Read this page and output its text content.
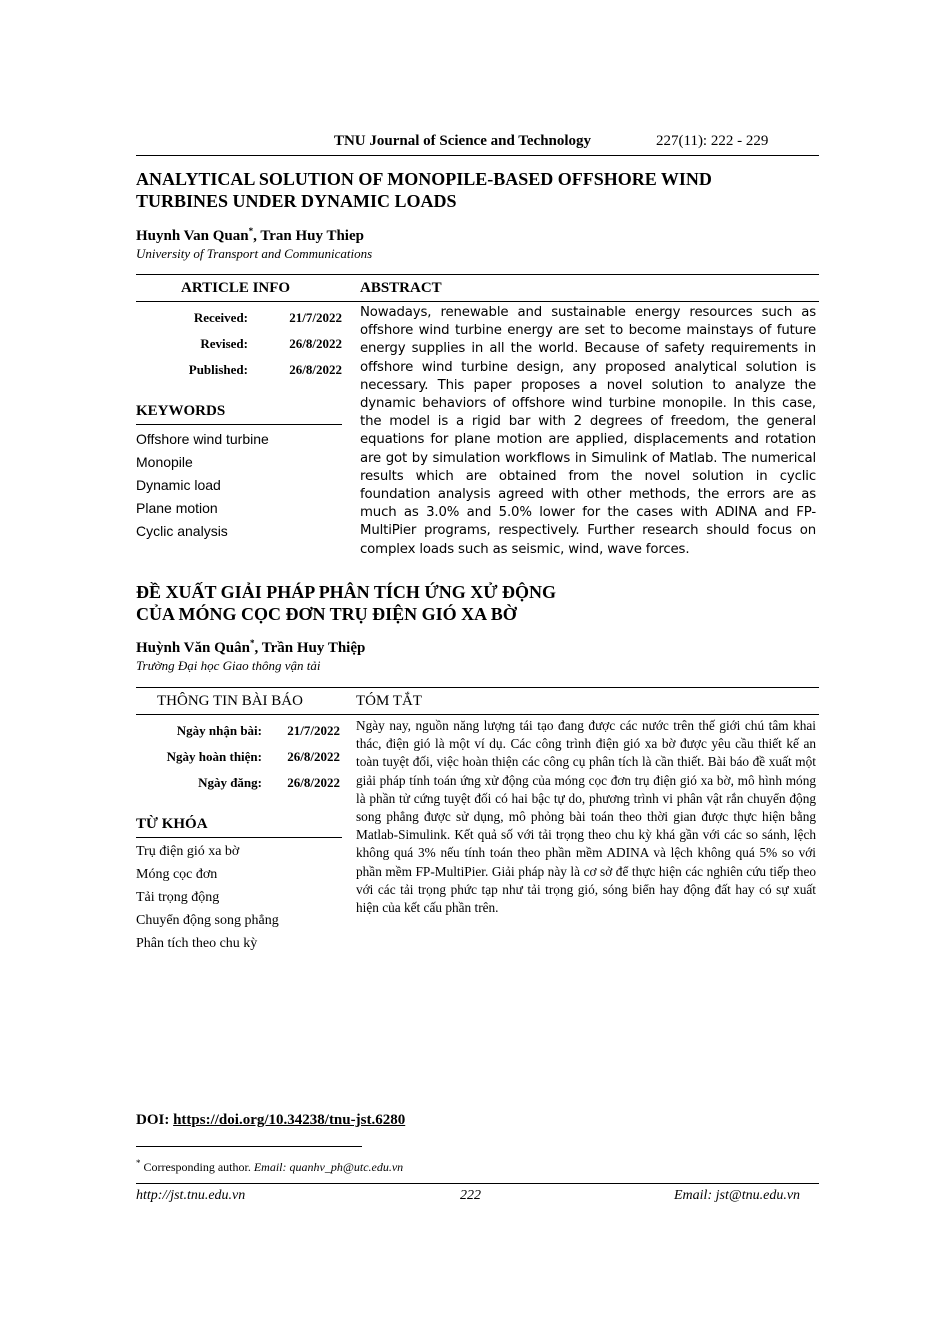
TNU Journal of Science and Technology	227(11): 222 - 229
ANALYTICAL SOLUTION OF MONOPILE-BASED OFFSHORE WIND
TURBINES UNDER DYNAMIC LOADS
Huynh Van Quan*, Tran Huy Thiep
University of Transport and Communications
ARTICLE INFO	ABSTRACT
Received:	21/7/2022
Revised:	26/8/2022
Published:	26/8/2022
KEYWORDS
Offshore wind turbine
Monopile
Dynamic load
Plane motion
Cyclic analysis
Nowadays, renewable and sustainable energy resources such as offshore wind turbine energy are set to become mainstays of future energy supplies in all the world. Because of safety requirements in offshore wind turbine design, any proposed analytical solution is necessary. This paper proposes a novel solution to analyze the dynamic behaviors of offshore wind turbine monopile. In this case, the model is a rigid bar with 2 degrees of freedom, the general equations for plane motion are applied, displacements and rotation are got by simulation workflows in Simulink of Matlab. The numerical results which are obtained from the novel solution in cyclic foundation analysis agreed with other methods, the errors are as much as 3.0% and 5.0% lower for the cases with ADINA and FP-MultiPier programs, respectively. Further research should focus on complex loads such as seismic, wind, wave forces.
ĐỀ XUẤT GIẢI PHÁP PHÂN TÍCH ỨNG XỬ ĐỘNG
CỦA MÓNG CỌC ĐƠN TRỤ ĐIỆN GIÓ XA BỜ
Huỳnh Văn Quân*, Trần Huy Thiệp
Trường Đại học Giao thông vận tải
THÔNG TIN BÀI BÁO	TÓM TẮT
Ngày nhận bài:	21/7/2022
Ngày hoàn thiện:	26/8/2022
Ngày đăng:	26/8/2022
TỪ KHÓA
Trụ điện gió xa bờ
Móng cọc đơn
Tải trọng động
Chuyển động song phẳng
Phân tích theo chu kỳ
Ngày nay, nguồn năng lượng tái tạo đang được các nước trên thế giới chú tâm khai thác, điện gió là một ví dụ. Các công trình điện gió xa bờ được yêu cầu thiết kế an toàn tuyệt đối, việc hoàn thiện các công cụ phân tích là cần thiết. Bài báo đề xuất một giải pháp tính toán ứng xử động của móng cọc đơn trụ điện gió xa bờ, mô hình móng là phần tử cứng tuyệt đối có hai bậc tự do, phương trình vi phân vật rắn chuyển động song phẳng được sử dụng, mô phỏng bài toán theo thời gian được thực hiện bằng Matlab-Simulink. Kết quả số với tải trọng theo chu kỳ khá gần với các so sánh, lệch không quá 3% nếu tính toán theo phần mềm ADINA và lệch không quá 5% so với phần mềm FP-MultiPier. Giải pháp này là cơ sở để thực hiện các nghiên cứu tiếp theo với các tải trọng phức tạp như tải trọng gió, sóng biển hay động đất hay có sự xuất hiện của kết cấu phần trên.
DOI: https://doi.org/10.34238/tnu-jst.6280
* Corresponding author. Email: quanhv_ph@utc.edu.vn
http://jst.tnu.edu.vn	222	Email: jst@tnu.edu.vn
